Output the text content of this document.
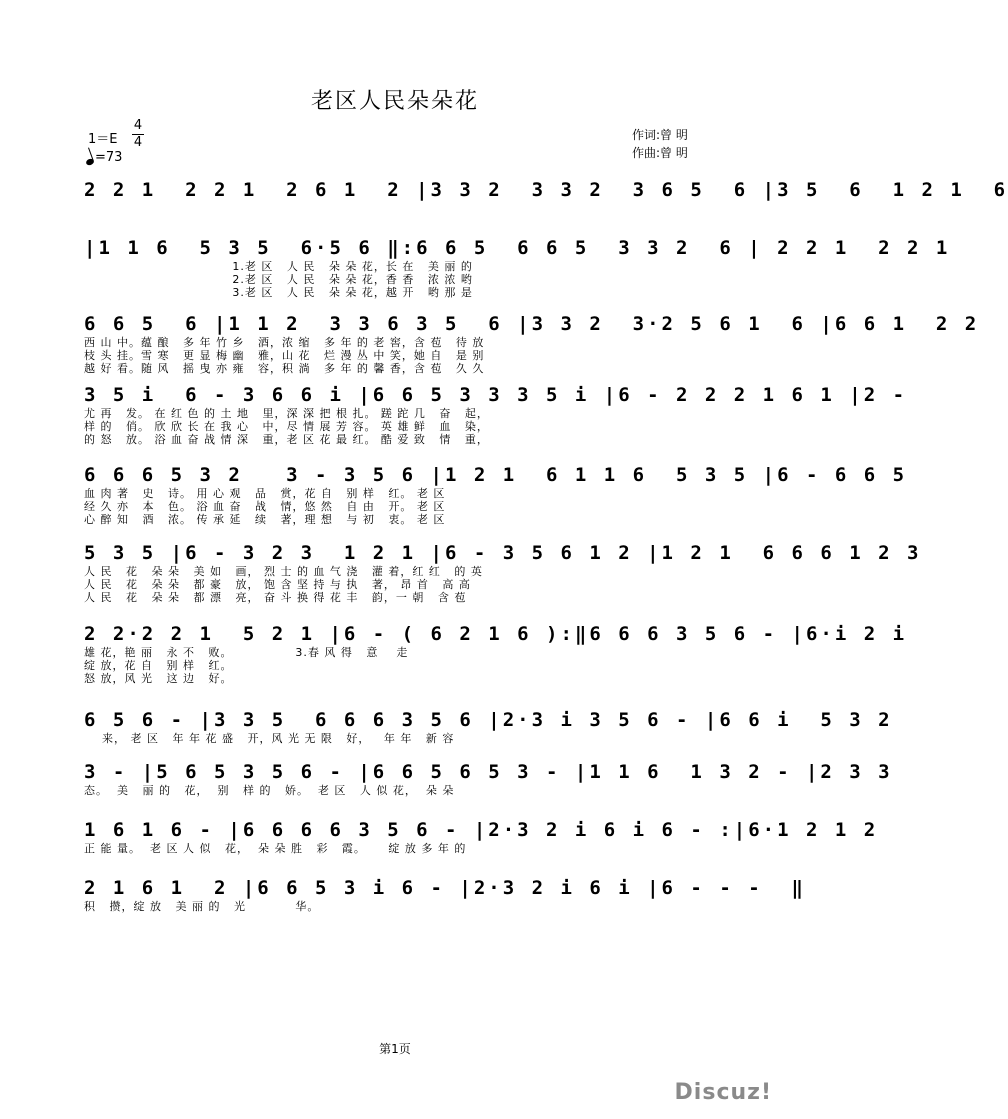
老区人民朵朵花
1＝E
4
4
=73
作词:曾 明
作曲:曾 明
2 2 1  2 2 1  2 6 1  2 |3 3 2  3 3 2  3 6 5  6 |3 5  6  1 2 1  6
|1 1 6  5 3 5  6·5 6 ‖:6 6 5  6 6 5  3 3 2  6 | 2 2 1  2 2 1
1.老 区   人 民   朵 朵 花，长 在   美 丽 的
2.老 区   人 民   朵 朵 花，香 香   浓 浓 哟
3.老 区   人 民   朵 朵 花，越 开   哟 那 是
6 6 5  6 |1 1 2  3 3 6 3 5  6 |3 3 2  3·2 5 6 1  6 |6 6 1  2 2
西 山 中。蕴 酿   多 年 竹 乡   酒，浓 缩   多 年 的 老 窖，含 苞   待 放
枝 头 挂。雪 寒   更 显 梅 幽   雅，山 花   烂 漫 丛 中 笑，她 自   是 别
越 好 看。随 风   摇 曳 亦 雍   容，积 淌   多 年 的 馨 香，含 苞   久 久
3 5 i  6 - 3 6 6 i |6 6 5 3 3 3 5 i |6 - 2 2 2 1 6 1 |2 -
尤 再   发。 在 红 色 的 土 地   里，深 深 把 根 扎。 蹉 跎 几   奋   起，
样 的   俏。 欣 欣 长 在 我 心   中，尽 情 展 芳 容。 英 雄 鲜   血   染，
的 怒   放。 浴 血 奋 战 情 深   重，老 区 花 最 红。 酷 爱 致   情   重，
6 6 6 5 3 2   3 - 3 5 6 |1 2 1  6 1 1 6  5 3 5 |6 - 6 6 5
血 肉 著   史   诗。 用 心 观   品   赏，花 自   别 样   红。 老 区
经 久 亦   本   色。 浴 血 奋   战   情，悠 然   自 由   开。 老 区
心 醉 知   酒   浓。 传 承 延   续   著，理 想   与 初   衷。 老 区
5 3 5 |6 - 3 2 3  1 2 1 |6 - 3 5 6 1 2 |1 2 1  6 6 6 1 2 3
人 民   花   朵 朵   美 如   画， 烈 士 的 血 气 浇   灌 着，红 红   的 英
人 民   花   朵 朵   都 豪   放， 饱 含 坚 持 与 执   著， 昂 首   高 高
人 民   花   朵 朵   都 漂   亮， 奋 斗 换 得 花 丰   韵，一 朝   含 苞
2 2·2 2 1  5 2 1 |6 - ( 6 2 1 6 ):‖6 6 6 3 5 6 - |6·i 2 i
雄 花，艳 丽   永 不   败。              3.春 风 得   意    走
绽 放，花 自   别 样   红。
怒 放，风 光   这 边   好。
6 5 6 - |3 3 5  6 6 6 3 5 6 |2·3 i 3 5 6 - |6 6 i  5 3 2
来， 老 区   年 年 花 盛   开，风 光 无 限   好，   年 年   新 容
3 - |5 6 5 3 5 6 - |6 6 5 6 5 3 - |1 1 6  1 3 2 - |2 3 3
态。  美   丽 的   花，  别   样 的   娇。  老 区   人 似 花，  朵 朵
1 6 1 6 - |6 6 6 6 3 5 6 - |2·3 2 i 6 i 6 - :|6·1 2 1 2
正 能 量。  老 区 人 似   花，  朵 朵 胜   彩   霞。     绽 放 多 年 的
2 1 6 1  2 |6 6 5 3 i 6 - |2·3 2 i 6 i |6 - - -  ‖
积   攒，绽 放   美 丽 的   光           华。
第1页
Discuz!
